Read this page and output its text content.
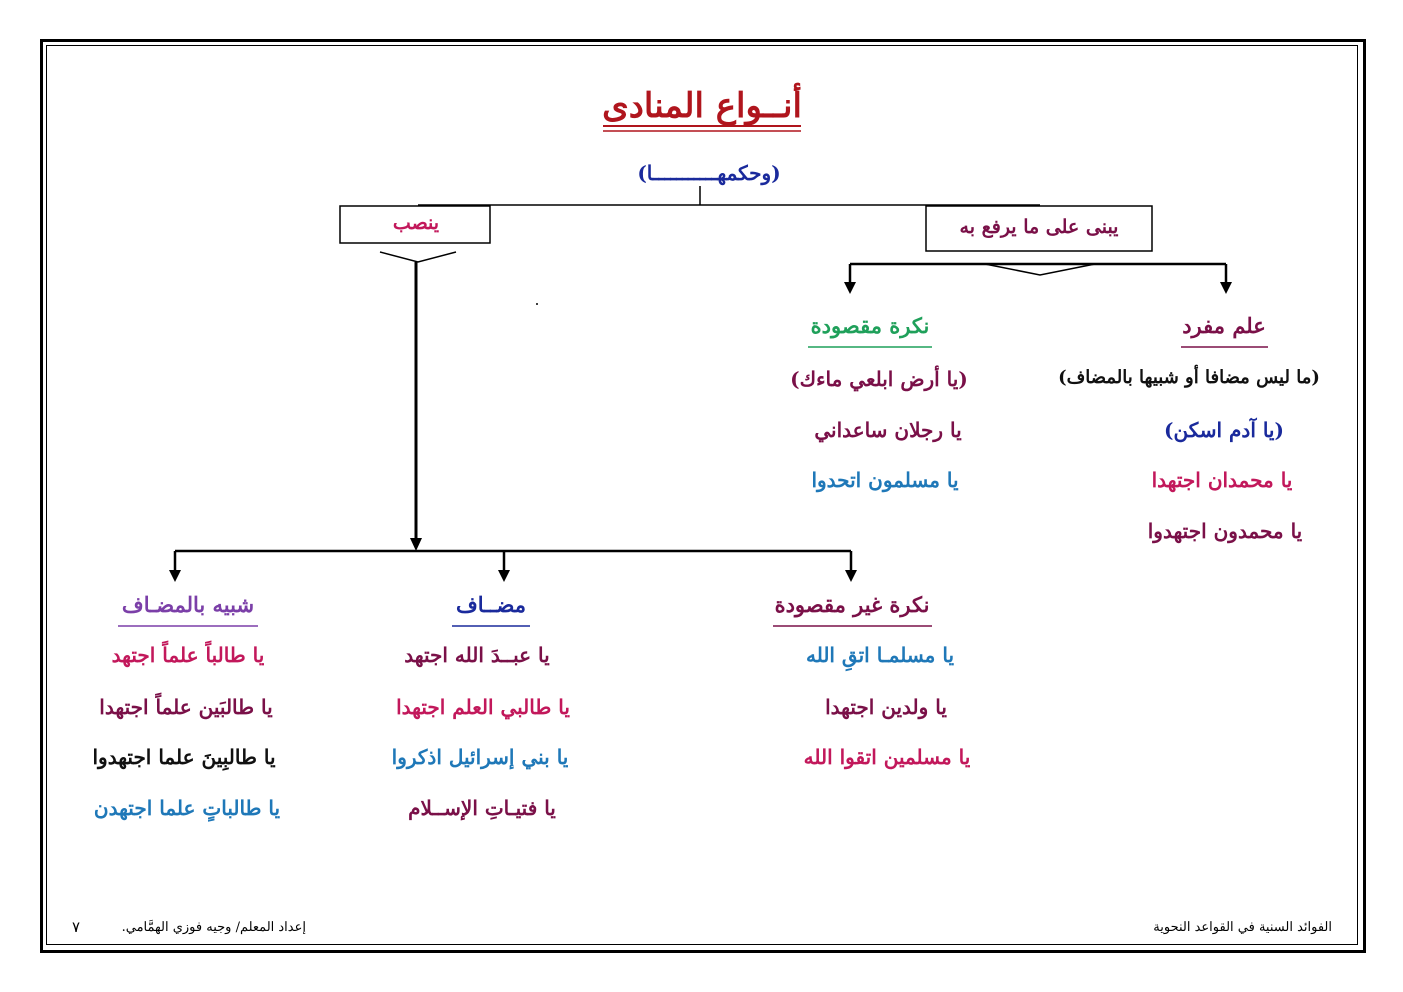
أنــواع المنادى
(وحكمهـــــــــــا)
ينصب	يبنى على ما يرفع به
علم مفرد
(ما ليس مضافا أو شبيها بالمضاف)
(يا آدم اسكن)
يا محمدان اجتهدا
يا محمدون اجتهدوا
نكرة مقصودة
(يا أرض ابلعي ماءك)
يا رجلان ساعداني
يا مسلمون اتحدوا
نكرة غير مقصودة
يا مسلمـا اتقِ الله
يا ولدين اجتهدا
يا مسلمين اتقوا الله
مضــاف
يا عبــدَ الله اجتهد
يا طالبي العلم اجتهدا
يا بني إسرائيل اذكروا
يا فتيـاتِ الإســلام
شبيه بالمضـاف
يا طالباً علماً اجتهد
يا طالبَين علماً اجتهدا
يا طالبِينَ علما اجتهدوا
يا طالباتٍ علما اجتهدن
الفوائد السنية في القواعد النحوية
إعداد المعلم/ وجيه فوزي الهمَّامي.
٧
